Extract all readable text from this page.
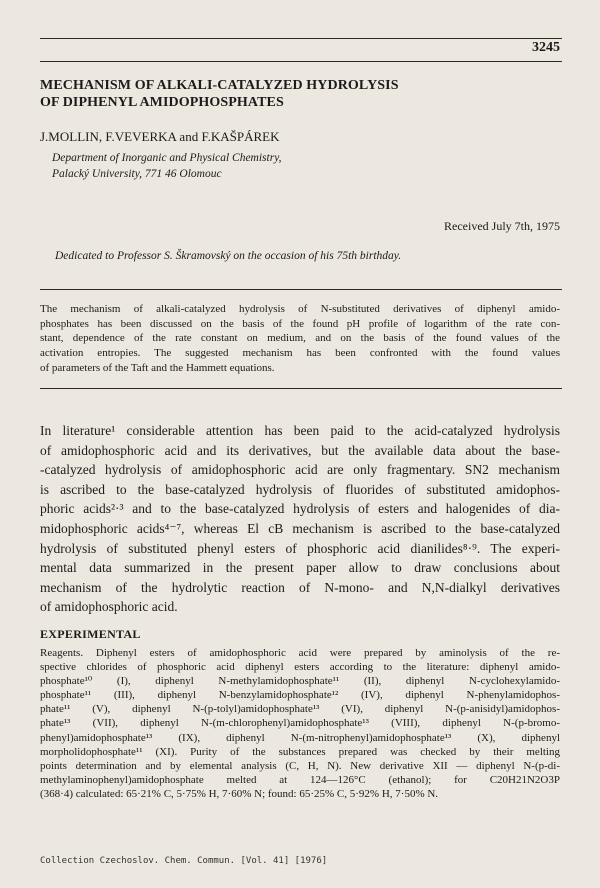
3245
MECHANISM OF ALKALI-CATALYZED HYDROLYSIS
OF DIPHENYL AMIDOPHOSPHATES
J.MOLLIN, F.VEVERKA and F.KAŠPÁREK
Department of Inorganic and Physical Chemistry,
Palacký University, 771 46 Olomouc
Received July 7th, 1975
Dedicated to Professor S. Škramovský on the occasion of his 75th birthday.
The mechanism of alkali-catalyzed hydrolysis of N-substituted derivatives of diphenyl amido-
phosphates has been discussed on the basis of the found pH profile of logarithm of the rate con-
stant, dependence of the rate constant on medium, and on the basis of the found values of the
activation entropies. The suggested mechanism has been confronted with the found values
of parameters of the Taft and the Hammett equations.
In literature¹ considerable attention has been paid to the acid-catalyzed hydrolysis
of amidophosphoric acid and its derivatives, but the available data about the base-
-catalyzed hydrolysis of amidophosphoric acid are only fragmentary. SN2 mechanism
is ascribed to the base-catalyzed hydrolysis of fluorides of substituted amidophos-
phoric acids²·³ and to the base-catalyzed hydrolysis of esters and halogenides of dia-
midophosphoric acids⁴⁻⁷, whereas El cB mechanism is ascribed to the base-catalyzed
hydrolysis of substituted phenyl esters of phosphoric acid dianilides⁸·⁹. The experi-
mental data summarized in the present paper allow to draw conclusions about
mechanism of the hydrolytic reaction of N-mono- and N,N-dialkyl derivatives
of amidophosphoric acid.
EXPERIMENTAL
Reagents. Diphenyl esters of amidophosphoric acid were prepared by aminolysis of the re-
spective chlorides of phosphoric acid diphenyl esters according to the literature: diphenyl amido-
phosphate¹⁰ (I), diphenyl N-methylamidophosphate¹¹ (II), diphenyl N-cyclohexylamido-
phosphate¹¹ (III), diphenyl N-benzylamidophosphate¹² (IV), diphenyl N-phenylamidophos-
phate¹¹ (V), diphenyl N-(p-tolyl)amidophosphate¹³ (VI), diphenyl N-(p-anisidyl)amidophos-
phate¹³ (VII), diphenyl N-(m-chlorophenyl)amidophosphate¹³ (VIII), diphenyl N-(p-bromo-
phenyl)amidophosphate¹³ (IX), diphenyl N-(m-nitrophenyl)amidophosphate¹³ (X), diphenyl
morpholidophosphate¹¹ (XI). Purity of the substances prepared was checked by their melting
points determination and by elemental analysis (C, H, N). New derivative XII — diphenyl N-(p-di-
methylaminophenyl)amidophosphate melted at 124—126°C (ethanol); for C20H21N2O3P
(368·4) calculated: 65·21% C, 5·75% H, 7·60% N; found: 65·25% C, 5·92% H, 7·50% N.
Collection Czechoslov. Chem. Commun. [Vol. 41] [1976]
